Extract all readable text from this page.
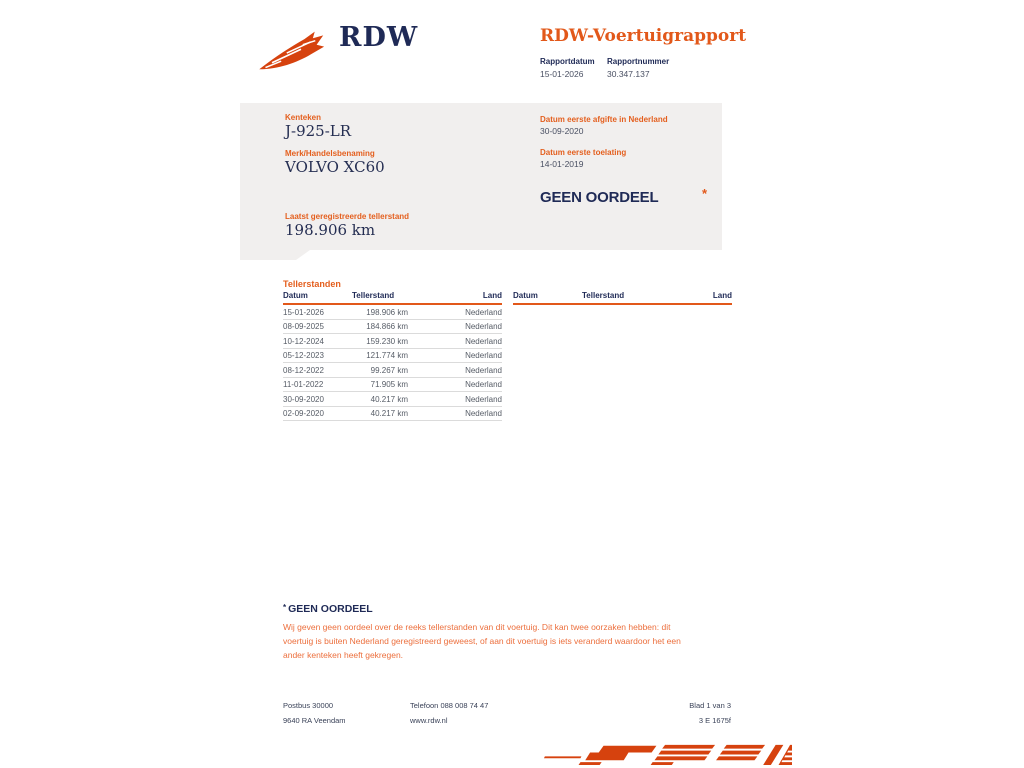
RDW	RDW-Voertuigrapport
Rapportdatum Rapportnummer
15-01-2026	30.347.137
Kenteken
J-925-LR
Merk/Handelsbenaming
VOLVO XC60
Laatst geregistreerde tellerstand
198.906 km
Datum eerste afgifte in Nederland
30-09-2020
Datum eerste toelating
14-01-2019
GEEN OORDEEL	*
Tellerstanden
Datum	Tellerstand	Land
15-01-2026	198.906 km	Nederland
08-09-2025	184.866 km	Nederland
10-12-2024	159.230 km	Nederland
05-12-2023	121.774 km	Nederland
08-12-2022	99.267 km	Nederland
11-01-2022	71.905 km	Nederland
30-09-2020	40.217 km	Nederland
02-09-2020	40.217 km	Nederland
Datum	Tellerstand	Land
* GEEN OORDEEL
Wij geven geen oordeel over de reeks tellerstanden van dit voertuig. Dit kan twee oorzaken hebben: dit voertuig is buiten Nederland geregistreerd geweest, of aan dit voertuig is iets veranderd waardoor het een ander kenteken heeft gekregen.
Postbus 30000
9640 RA Veendam
Telefoon 088 008 74 47
www.rdw.nl
Blad 1 van 3
3 E 1675f
